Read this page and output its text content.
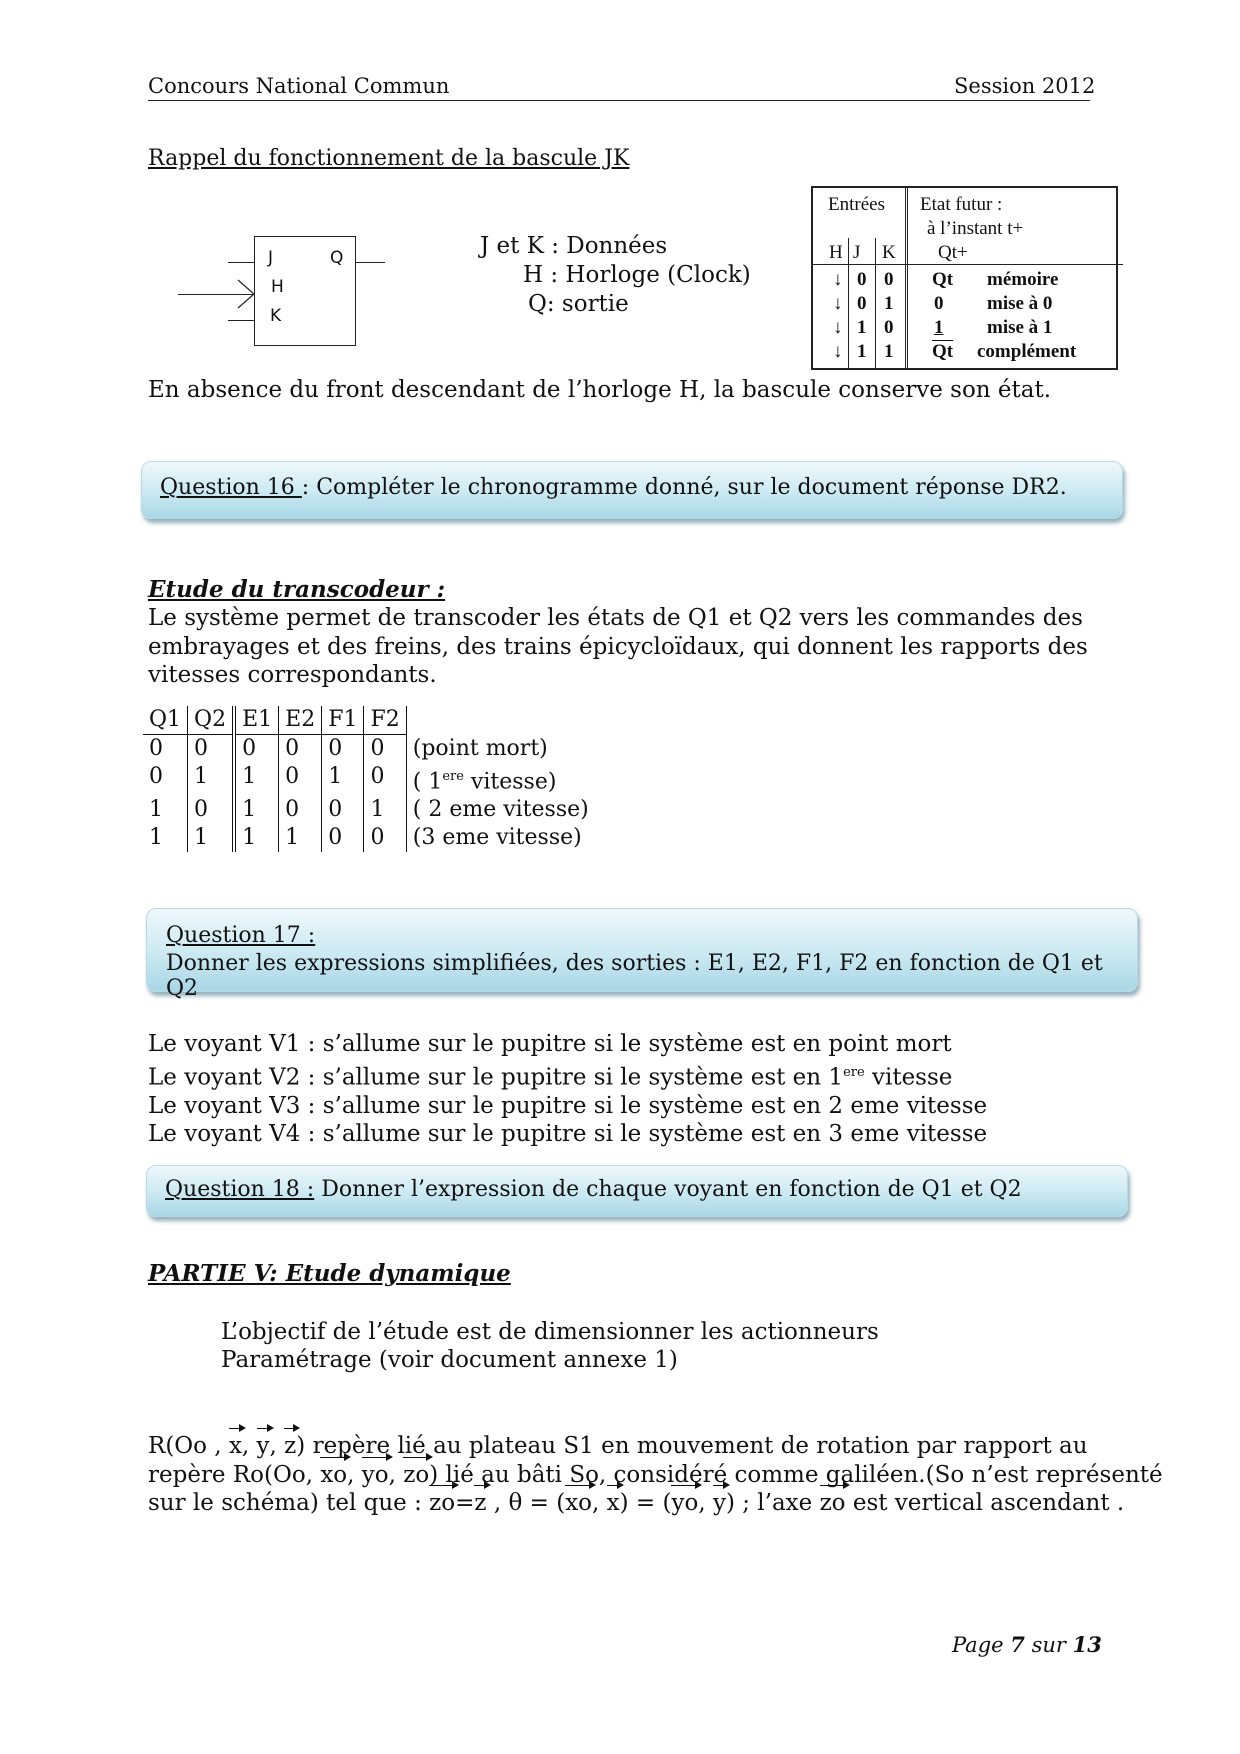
Concours National Commun	Session 2012
Rappel du fonctionnement de la bascule JK
J
H
K
Q	J et K : Données
H : Horloge (Clock)
Q: sortie
Entrées Etat futur :
à l’instant t+
Qt+
H J K
↓ 0 0 Qt mémoire
↓ 0 1 0 mise à 0
↓ 1 0 1 mise à 1
↓ 1 1 $\overline{Qt}$ complément
En absence du front descendant de l’horloge H, la bascule conserve son état.
Question 16 : Compléter le chronogramme donné, sur le document réponse DR2.
Etude du transcodeur :
Le système permet de transcoder les états de Q1 et Q2 vers les commandes des
embrayages et des freins, des trains épicycloïdaux, qui donnent les rapports des
vitesses correspondants.
Q1	Q2	E1	E2	F1	F2	
0	0	0	0	0	0	(point mort)
0	1	1	0	1	0	( 1ere vitesse)
1	0	1	0	0	1	( 2 eme vitesse)
1	1	1	1	0	0	(3 eme vitesse)
Question 17 :
Donner les expressions simplifiées, des sorties : E1, E2, F1, F2 en fonction de Q1 et Q2
Le voyant V1 : s’allume sur le pupitre si le système est en point mort
Le voyant V2 : s’allume sur le pupitre si le système est en 1ere vitesse
Le voyant V3 : s’allume sur le pupitre si le système est en 2 eme vitesse
Le voyant V4 : s’allume sur le pupitre si le système est en 3 eme vitesse
Question 18 : Donner l’expression de chaque voyant en fonction de Q1 et Q2
PARTIE V: Etude dynamique
L’objectif de l’étude est de dimensionner les actionneurs
Paramétrage (voir document annexe 1)
R(Oo , x, y, z) repère lié au plateau S1 en mouvement de rotation par rapport au
repère Ro(Oo, xo, yo, zo) lié au bâti So, considéré comme galiléen.(So n’est représenté
sur le schéma) tel que : zo=z , θ = (xo, x) = (yo, y) ; l’axe zo est vertical ascendant .
Page 7 sur 13
